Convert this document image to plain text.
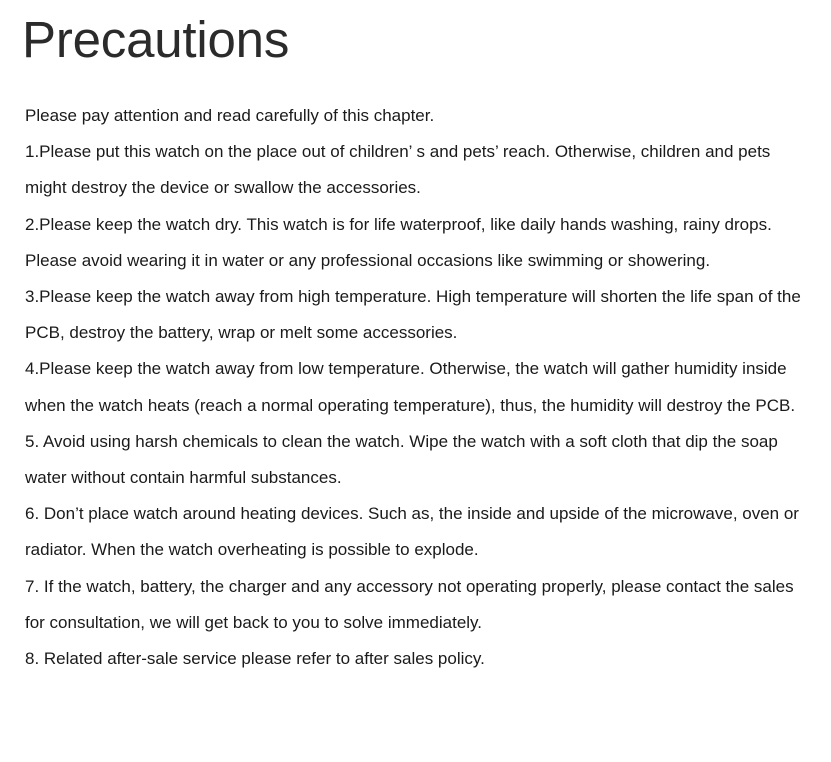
Precautions

Please pay attention and read carefully of this chapter.

1.Please put this watch on the place out of children’ s and pets’ reach. Otherwise, children and pets might destroy the device or swallow the accessories.

2.Please keep the watch dry. This watch is for life waterproof, like daily hands washing, rainy drops. Please avoid wearing it in water or any professional occasions like swimming or showering.

3.Please keep the watch away from high temperature. High temperature will shorten the life span of the PCB, destroy the battery, wrap or melt some accessories.

4.Please keep the watch away from low temperature. Otherwise, the watch will gather humidity inside when the watch heats (reach a normal operating temperature), thus, the humidity will destroy the PCB.

5. Avoid using harsh chemicals to clean the watch. Wipe the watch with a soft cloth that dip the soap water without contain harmful substances.

6. Don’t place watch around heating devices. Such as, the inside and upside of the microwave, oven or radiator. When the watch overheating is possible to explode.

7. If the watch, battery, the charger and any accessory not operating properly, please contact the sales for consultation, we will get back to you to solve immediately.

8. Related after-sale service please refer to after sales policy.
